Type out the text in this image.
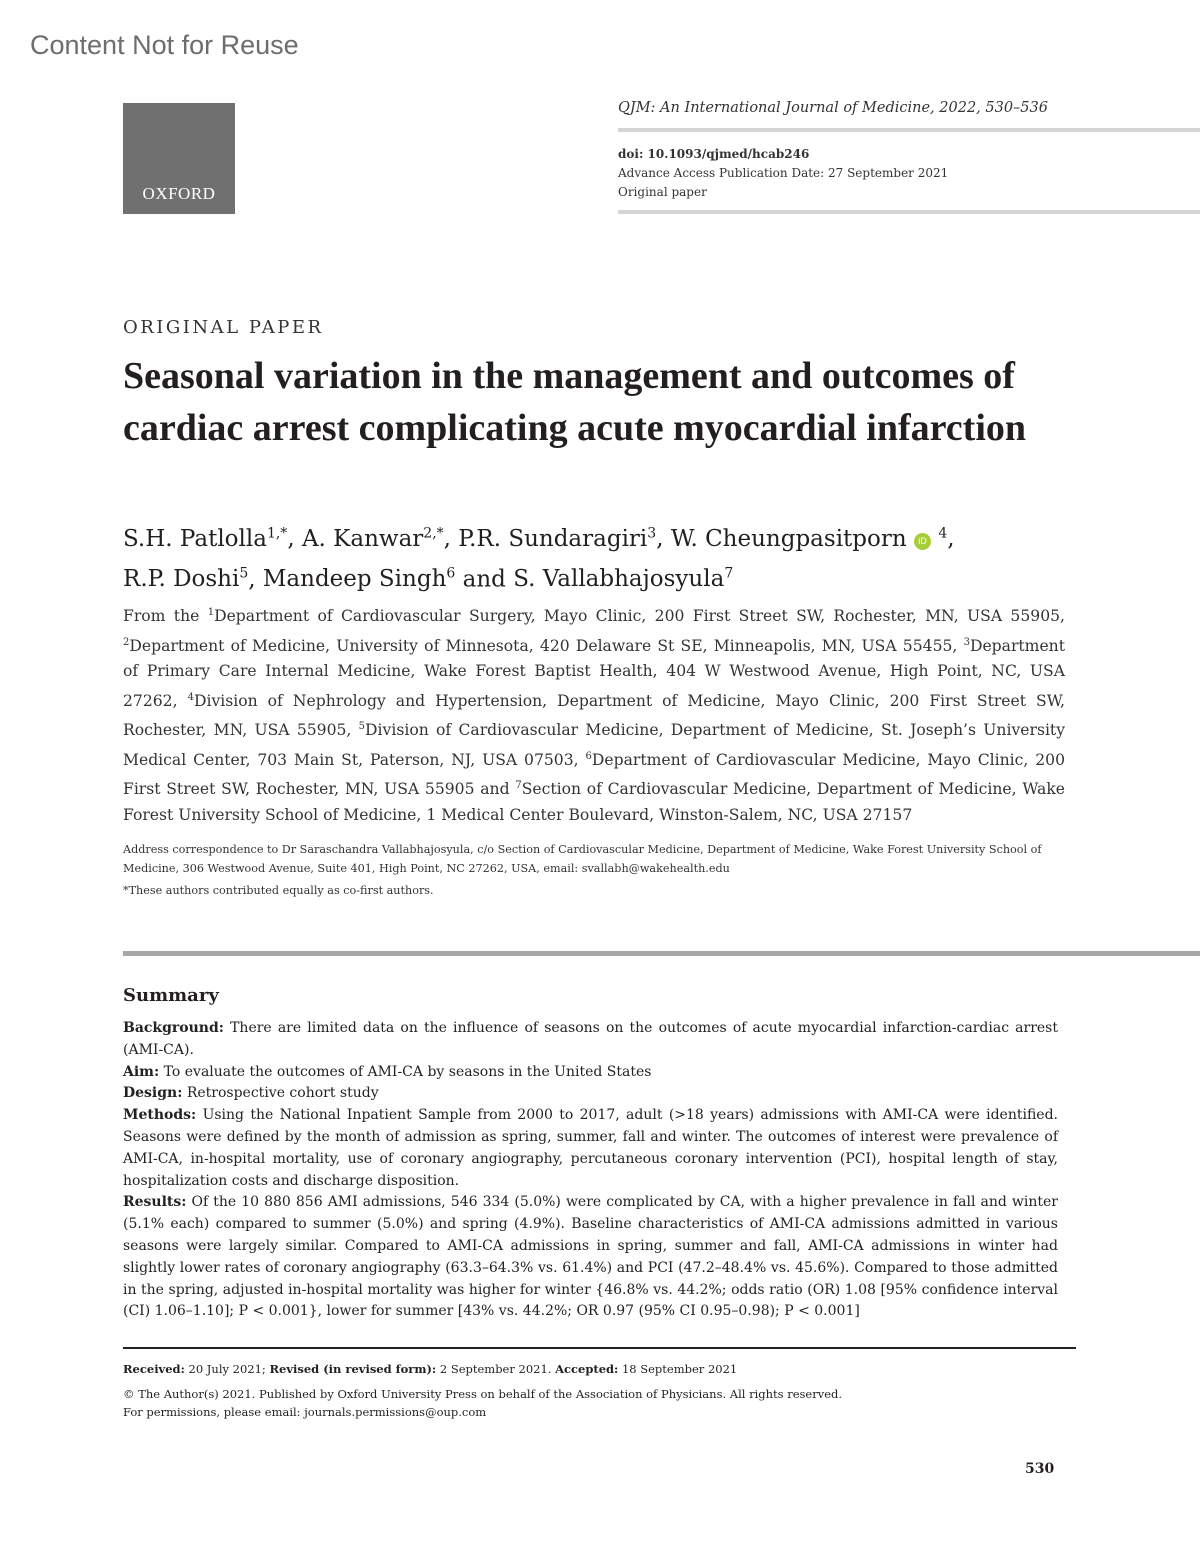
Content Not for Reuse
OXFORD
QJM: An International Journal of Medicine, 2022, 530–536
doi: 10.1093/qjmed/hcab246
Advance Access Publication Date: 27 September 2021
Original paper
ORIGINAL PAPER
Seasonal variation in the management and outcomes of cardiac arrest complicating acute myocardial infarction
S.H. Patlolla$^{1,*}$, A. Kanwar$^{2,*}$, P.R. Sundaragiri$^3$, W. Cheungpasitporn iD $^4$,
R.P. Doshi$^5$, Mandeep Singh$^6$ and S. Vallabhajosyula$^7$
From the $^1$Department of Cardiovascular Surgery, Mayo Clinic, 200 First Street SW, Rochester, MN, USA 55905, $^2$Department of Medicine, University of Minnesota, 420 Delaware St SE, Minneapolis, MN, USA 55455, $^3$Department of Primary Care Internal Medicine, Wake Forest Baptist Health, 404 W Westwood Avenue, High Point, NC, USA 27262, $^4$Division of Nephrology and Hypertension, Department of Medicine, Mayo Clinic, 200 First Street SW, Rochester, MN, USA 55905, $^5$Division of Cardiovascular Medicine, Department of Medicine, St. Joseph’s University Medical Center, 703 Main St, Paterson, NJ, USA 07503, $^6$Department of Cardiovascular Medicine, Mayo Clinic, 200 First Street SW, Rochester, MN, USA 55905 and $^7$Section of Cardiovascular Medicine, Department of Medicine, Wake Forest University School of Medicine, 1 Medical Center Boulevard, Winston-Salem, NC, USA 27157
Address correspondence to Dr Saraschandra Vallabhajosyula, c/o Section of Cardiovascular Medicine, Department of Medicine, Wake Forest University School of Medicine, 306 Westwood Avenue, Suite 401, High Point, NC 27262, USA, email: svallabh@wakehealth.edu
*These authors contributed equally as co-first authors.
Summary

Background: There are limited data on the influence of seasons on the outcomes of acute myocardial infarction-cardiac arrest (AMI-CA).

Aim: To evaluate the outcomes of AMI-CA by seasons in the United States

Design: Retrospective cohort study

Methods: Using the National Inpatient Sample from 2000 to 2017, adult (>18 years) admissions with AMI-CA were identified. Seasons were defined by the month of admission as spring, summer, fall and winter. The outcomes of interest were prevalence of AMI-CA, in-hospital mortality, use of coronary angiography, percutaneous coronary intervention (PCI), hospital length of stay, hospitalization costs and discharge disposition.

Results: Of the 10 880 856 AMI admissions, 546 334 (5.0%) were complicated by CA, with a higher prevalence in fall and winter (5.1% each) compared to summer (5.0%) and spring (4.9%). Baseline characteristics of AMI-CA admissions admitted in various seasons were largely similar. Compared to AMI-CA admissions in spring, summer and fall, AMI-CA admissions in winter had slightly lower rates of coronary angiography (63.3–64.3% vs. 61.4%) and PCI (47.2–48.4% vs. 45.6%). Compared to those admitted in the spring, adjusted in-hospital mortality was higher for winter {46.8% vs. 44.2%; odds ratio (OR) 1.08 [95% confidence interval (CI) 1.06–1.10]; P < 0.001}, lower for summer [43% vs. 44.2%; OR 0.97 (95% CI 0.95–0.98); P < 0.001]

Received: 20 July 2021; Revised (in revised form): 2 September 2021. Accepted: 18 September 2021
© The Author(s) 2021. Published by Oxford University Press on behalf of the Association of Physicians. All rights reserved.
For permissions, please email: journals.permissions@oup.com
530
